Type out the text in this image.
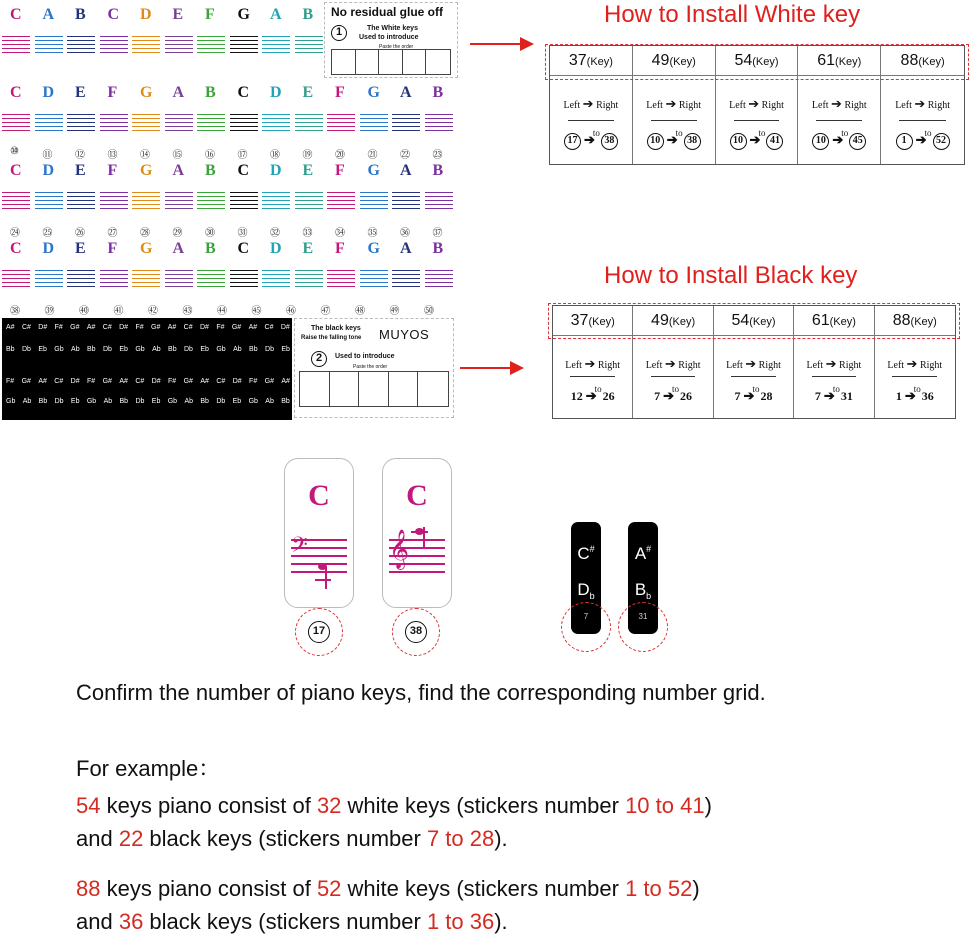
C A B C D E F G A B
C D E F G A B C D E F G A B
C D E F G A B C D E F G A B
C D E F G A B C D E F G A B
⑩ ⑪ ⑫ ⑬ ⑭ ⑮ ⑯ ⑰ ⑱ ⑲ ⑳ ㉑ ㉒ ㉓
㉔ ㉕ ㉖ ㉗ ㉘ ㉙ ㉚ ㉛ ㉜ ㉝ ㉞ ㉟ ㊱ ㊲
㊳ ㊴ ㊵ ㊶ ㊷ ㊸ ㊹ ㊺ ㊻ ㊼ ㊽ ㊾ ㊿
No residual glue off
1	The White keys
Used to introduce
Paste the order
A# C# D# F# G# A# C# D# F# G# A# C# D# F# G# A# C# D#
Bb Db Eb Gb Ab Bb Db Eb Gb Ab Bb Db Eb Gb Ab Bb Db Eb
F# G# A# C# D# F# G# A# C# D# F# G# A# C# D# F# G# A#
Gb Ab Bb Db Eb Gb Ab Bb Db Eb Gb Ab Bb Db Eb Gb Ab Bb
The black keys
Raise the falling tone MUYOS
2	Used to introduce
Paste the order
How to Install White key
37(Key)
Left ➔ Right
17 ➔$^{to}$ 38
49(Key)
Left ➔ Right
10 ➔$^{to}$ 38
54(Key)
Left ➔ Right
10 ➔$^{to}$ 41
61(Key)
Left ➔ Right
10 ➔$^{to}$ 45
88(Key)
Left ➔ Right
1 ➔$^{to}$ 52
How to Install Black key
37(Key)
Left ➔ Right
12 ➔$^{to}$ 26
49(Key)
Left ➔ Right
7 ➔$^{to}$ 26
54(Key)
Left ➔ Right
7 ➔$^{to}$ 28
61(Key)
Left ➔ Right
7 ➔$^{to}$ 31
88(Key)
Left ➔ Right
1 ➔$^{to}$ 36
C
𝄢
17
C
𝄞
38
C#
$D_b$
7
A#
$B_b$
31
Confirm the number of piano keys, find the corresponding number grid.
For example：
54 keys piano consist of 32 white keys (stickers number 10 to 41)
and 22 black keys (stickers number 7 to 28).
88 keys piano consist of 52 white keys (stickers number 1 to 52)
and 36 black keys (stickers number 1 to 36).
